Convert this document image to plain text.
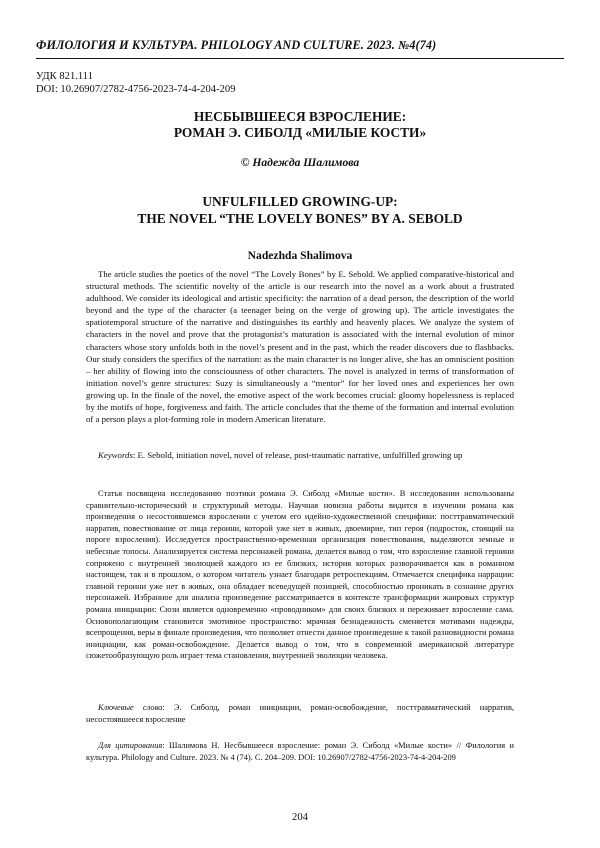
ФИЛОЛОГИЯ И КУЛЬТУРА. PHILOLOGY AND CULTURE. 2023. №4(74)
УДК 821.111
DOI: 10.26907/2782-4756-2023-74-4-204-209
НЕСБЫВШЕЕСЯ ВЗРОСЛЕНИЕ:
РОМАН Э. СИБОЛД «МИЛЫЕ КОСТИ»
© Надежда Шалимова
UNFULFILLED GROWING-UP:
THE NOVEL “THE LOVELY BONES” BY A. SEBOLD
Nadezhda Shalimova

The article studies the poetics of the novel “The Lovely Bones” by E. Sebold. We applied comparative-historical and structural methods. The scientific novelty of the article is our research into the novel as a work about a frustrated adulthood. We consider its ideological and artistic specificity: the narration of a dead person, the description of the world beyond and the type of the character (a teenager being on the verge of growing up). The article investigates the spatiotemporal structure of the narrative and distinguishes its earthly and heavenly places. We analyze the system of characters in the novel and prove that the protagonist’s maturation is associated with the internal evolution of minor characters whose story unfolds both in the novel’s present and in the past, which the reader discovers due to flashbacks. Our study considers the specifics of the narration: as the main character is no longer alive, she has an omniscient position – her ability of flowing into the consciousness of other characters. The novel is analyzed in terms of transformation of initiation novel’s genre structures: Suzy is simultaneously a “mentor” for her loved ones and experiences her own growing up. In the finale of the novel, the emotive aspect of the work becomes crucial: gloomy hopelessness is replaced by the motifs of hope, forgiveness and faith. The article concludes that the theme of the formation and internal evolution of a person plays a plot-forming role in modern American literature.

Keywords: E. Sebold, initiation novel, novel of release, post-traumatic narrative, unfulfilled growing up

Статья посвящена исследованию поэтики романа Э. Сиболд «Милые кости». В исследовании использованы сравнительно-исторический и структурный методы. Научная новизна работы видится в изучении романа как произведения о несостоявшемся взрослении с учетом его идейно-художественной специфики: посттравматический нарратив, повествование от лица героини, которой уже нет в живых, двоемирие, тип героя (подросток, стоящий на пороге взросления). Исследуется пространственно-временная организация повествования, выделяются земные и небесные топосы. Анализируется система персонажей романа, делается вывод о том, что взросление главной героини сопряжено с внутренней эволюцией каждого из ее близких, история которых разворачивается как в романном настоящем, так и в прошлом, о котором читатель узнает благодаря ретроспекциям. Отмечается специфика наррации: главной героини уже нет в живых, она обладает всеведущей позицией, способностью проникать в сознание других персонажей. Избранное для анализа произведение рассматривается в контексте трансформации жанровых структур романа инициации: Сюзи является одновременно «проводником» для своих близких и переживает взросление сама. Основополагающим становится эмотивное пространство: мрачная безнадежность сменяется мотивами надежды, всепрощения, веры в финале произведения, что позволяет отнести данное произведение к такой разновидности романа инициации, как роман-освобождение. Делается вывод о том, что в современной американской литературе сюжетообразующую роль играет тема становления, внутренней эволюции человека.

Ключевые слова: Э. Сиболд, роман инициации, роман-освобождение, посттравматический нарратив, несостоявшееся взросление

Для цитирования: Шалимова Н. Несбывшееся взросление: роман Э. Сиболд «Милые кости» // Филология и культура. Philology and Culture. 2023. № 4 (74). С. 204–209. DOI: 10.26907/2782-4756-2023-74-4-204-209

204
